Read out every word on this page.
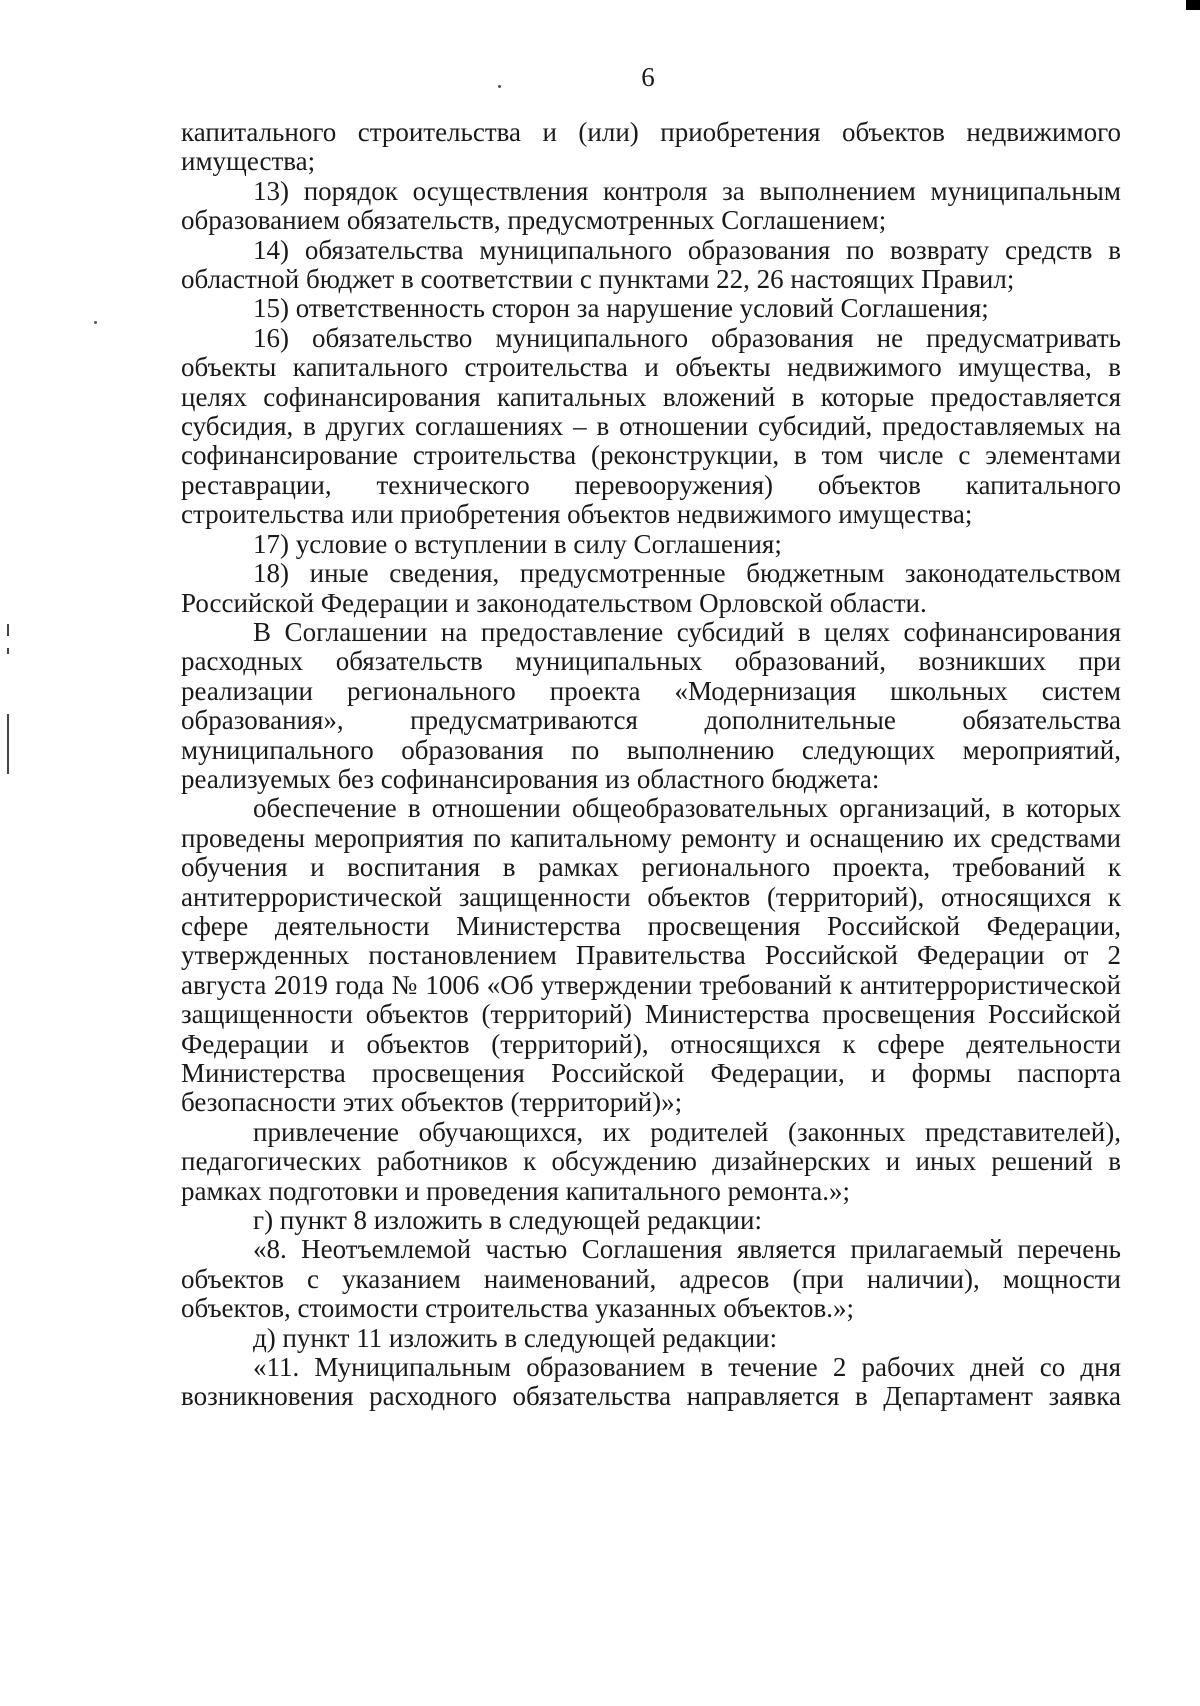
6

капитального строительства и (или) приобретения объектов недвижимого имущества;

13) порядок осуществления контроля за выполнением муниципальным образованием обязательств, предусмотренных Соглашением;

14) обязательства муниципального образования по возврату средств в областной бюджет в соответствии с пунктами 22, 26 настоящих Правил;

15) ответственность сторон за нарушение условий Соглашения;

16) обязательство муниципального образования не предусматривать объекты капитального строительства и объекты недвижимого имущества, в целях софинансирования капитальных вложений в которые предоставляется субсидия, в других соглашениях – в отношении субсидий, предоставляемых на софинансирование строительства (реконструкции, в том числе с элементами реставрации, технического перевооружения) объектов капитального строительства или приобретения объектов недвижимого имущества;

17) условие о вступлении в силу Соглашения;

18) иные сведения, предусмотренные бюджетным законодательством Российской Федерации и законодательством Орловской области.

В Соглашении на предоставление субсидий в целях софинансирования расходных обязательств муниципальных образований, возникших при реализации регионального проекта «Модернизация школьных систем образования», предусматриваются дополнительные обязательства муниципального образования по выполнению следующих мероприятий, реализуемых без софинансирования из областного бюджета:

обеспечение в отношении общеобразовательных организаций, в которых проведены мероприятия по капитальному ремонту и оснащению их средствами обучения и воспитания в рамках регионального проекта, требований к антитеррористической защищенности объектов (территорий), относящихся к сфере деятельности Министерства просвещения Российской Федерации, утвержденных постановлением Правительства Российской Федерации от 2 августа 2019 года № 1006 «Об утверждении требований к антитеррористической защищенности объектов (территорий) Министерства просвещения Российской Федерации и объектов (территорий), относящихся к сфере деятельности Министерства просвещения Российской Федерации, и формы паспорта безопасности этих объектов (территорий)»;

привлечение обучающихся, их родителей (законных представителей), педагогических работников к обсуждению дизайнерских и иных решений в рамках подготовки и проведения капитального ремонта.»;

г) пункт 8 изложить в следующей редакции:

«8. Неотъемлемой частью Соглашения является прилагаемый перечень объектов с указанием наименований, адресов (при наличии), мощности объектов, стоимости строительства указанных объектов.»;

д) пункт 11 изложить в следующей редакции:

«11. Муниципальным образованием в течение 2 рабочих дней со дня возникновения расходного обязательства направляется в Департамент заявка
